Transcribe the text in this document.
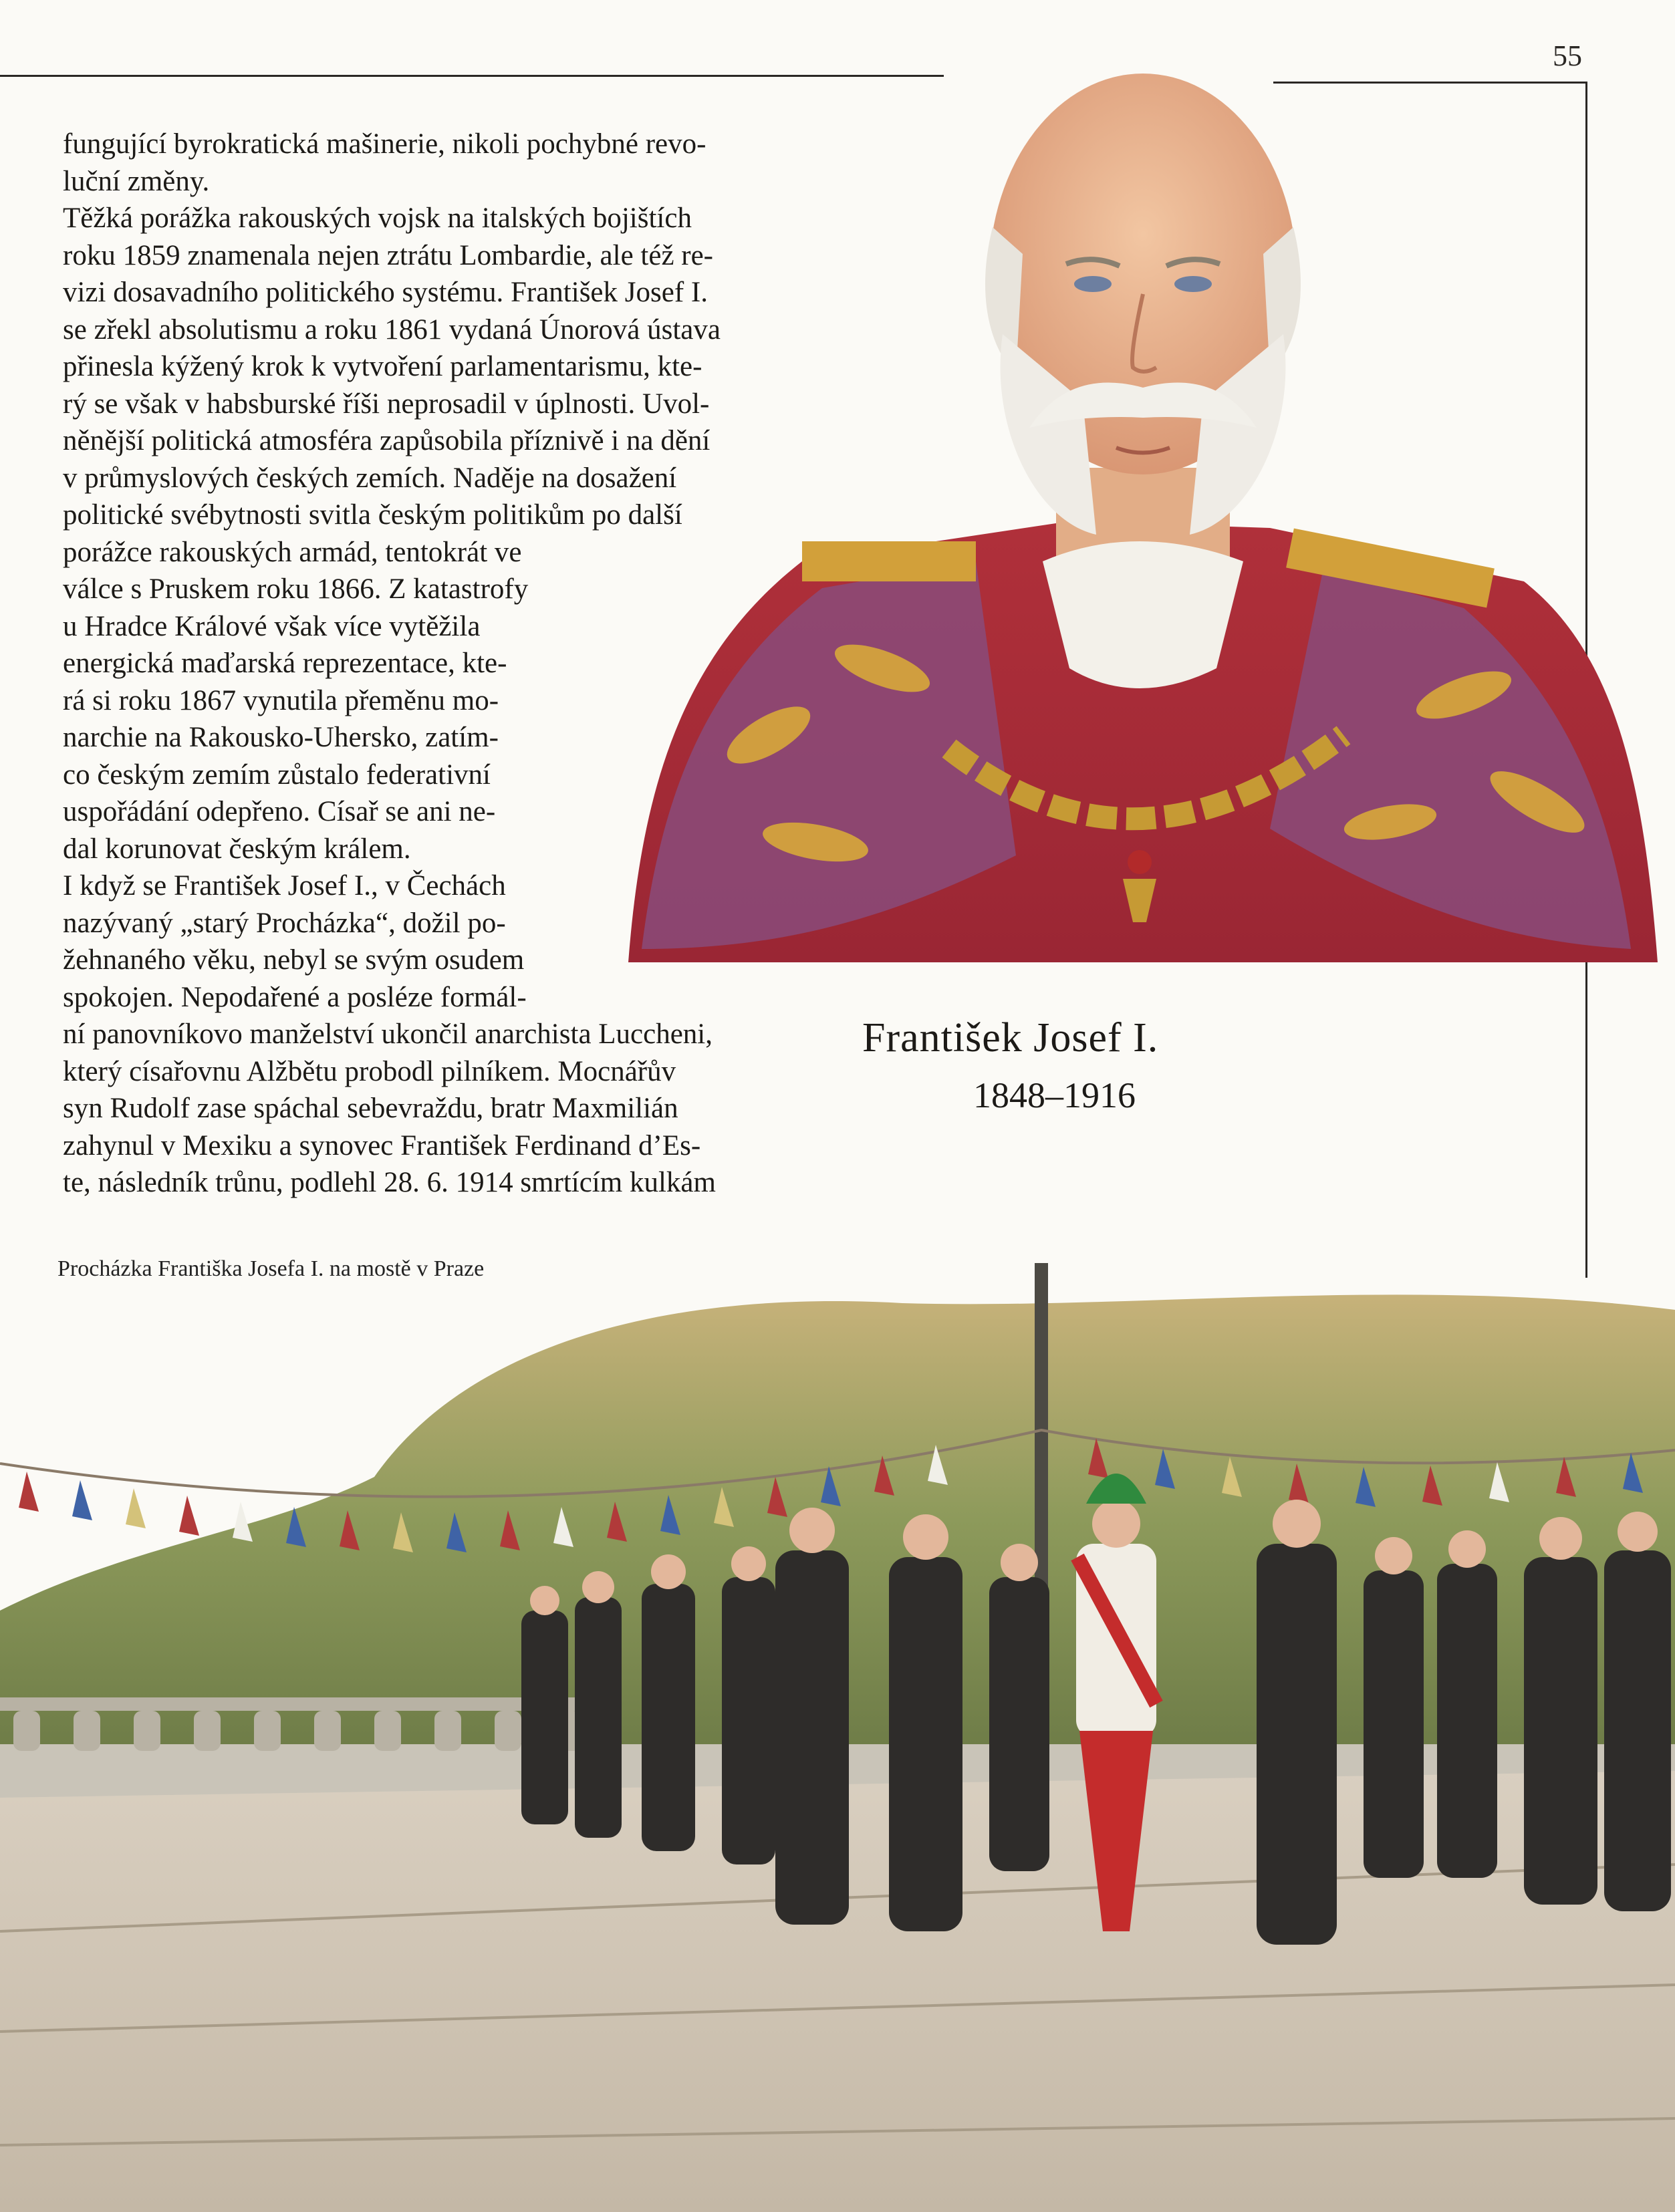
55

fungující byrokratická mašinerie, nikoli pochybné revo-
luční změny.
Těžká porážka rakouských vojsk na italských bojištích
roku 1859 znamenala nejen ztrátu Lombardie, ale též re-
vizi dosavadního politického systému. František Josef I.
se zřekl absolutismu a roku 1861 vydaná Únorová ústava
přinesla kýžený krok k vytvoření parlamentarismu, kte-
rý se však v habsburské říši neprosadil v úplnosti. Uvol-
něnější politická atmosféra zapůsobila příznivě i na dění
v průmyslových českých zemích. Naděje na dosažení
politické svébytnosti svitla českým politikům po další
porážce rakouských armád, tentokrát ve
válce s Pruskem roku 1866. Z katastrofy
u Hradce Králové však více vytěžila
energická maďarská reprezentace, kte-
rá si roku 1867 vynutila přeměnu mo-
narchie na Rakousko-Uhersko, zatím-
co českým zemím zůstalo federativní
uspořádání odepřeno. Císař se ani ne-
dal korunovat českým králem.
I když se František Josef I., v Čechách
nazývaný „starý Procházka“, dožil po-
žehnaného věku, nebyl se svým osudem
spokojen. Nepodařené a posléze formál-
ní panovníkovo manželství ukončil anarchista Luccheni,
který císařovnu Alžbětu probodl pilníkem. Mocnářův
syn Rudolf zase spáchal sebevraždu, bratr Maxmilián
zahynul v Mexiku a synovec František Ferdinand d’Es-
te, následník trůnu, podlehl 28. 6. 1914 smrtícím kulkám

František Josef I.
1848–1916
Procházka Františka Josefa I. na mostě v Praze
